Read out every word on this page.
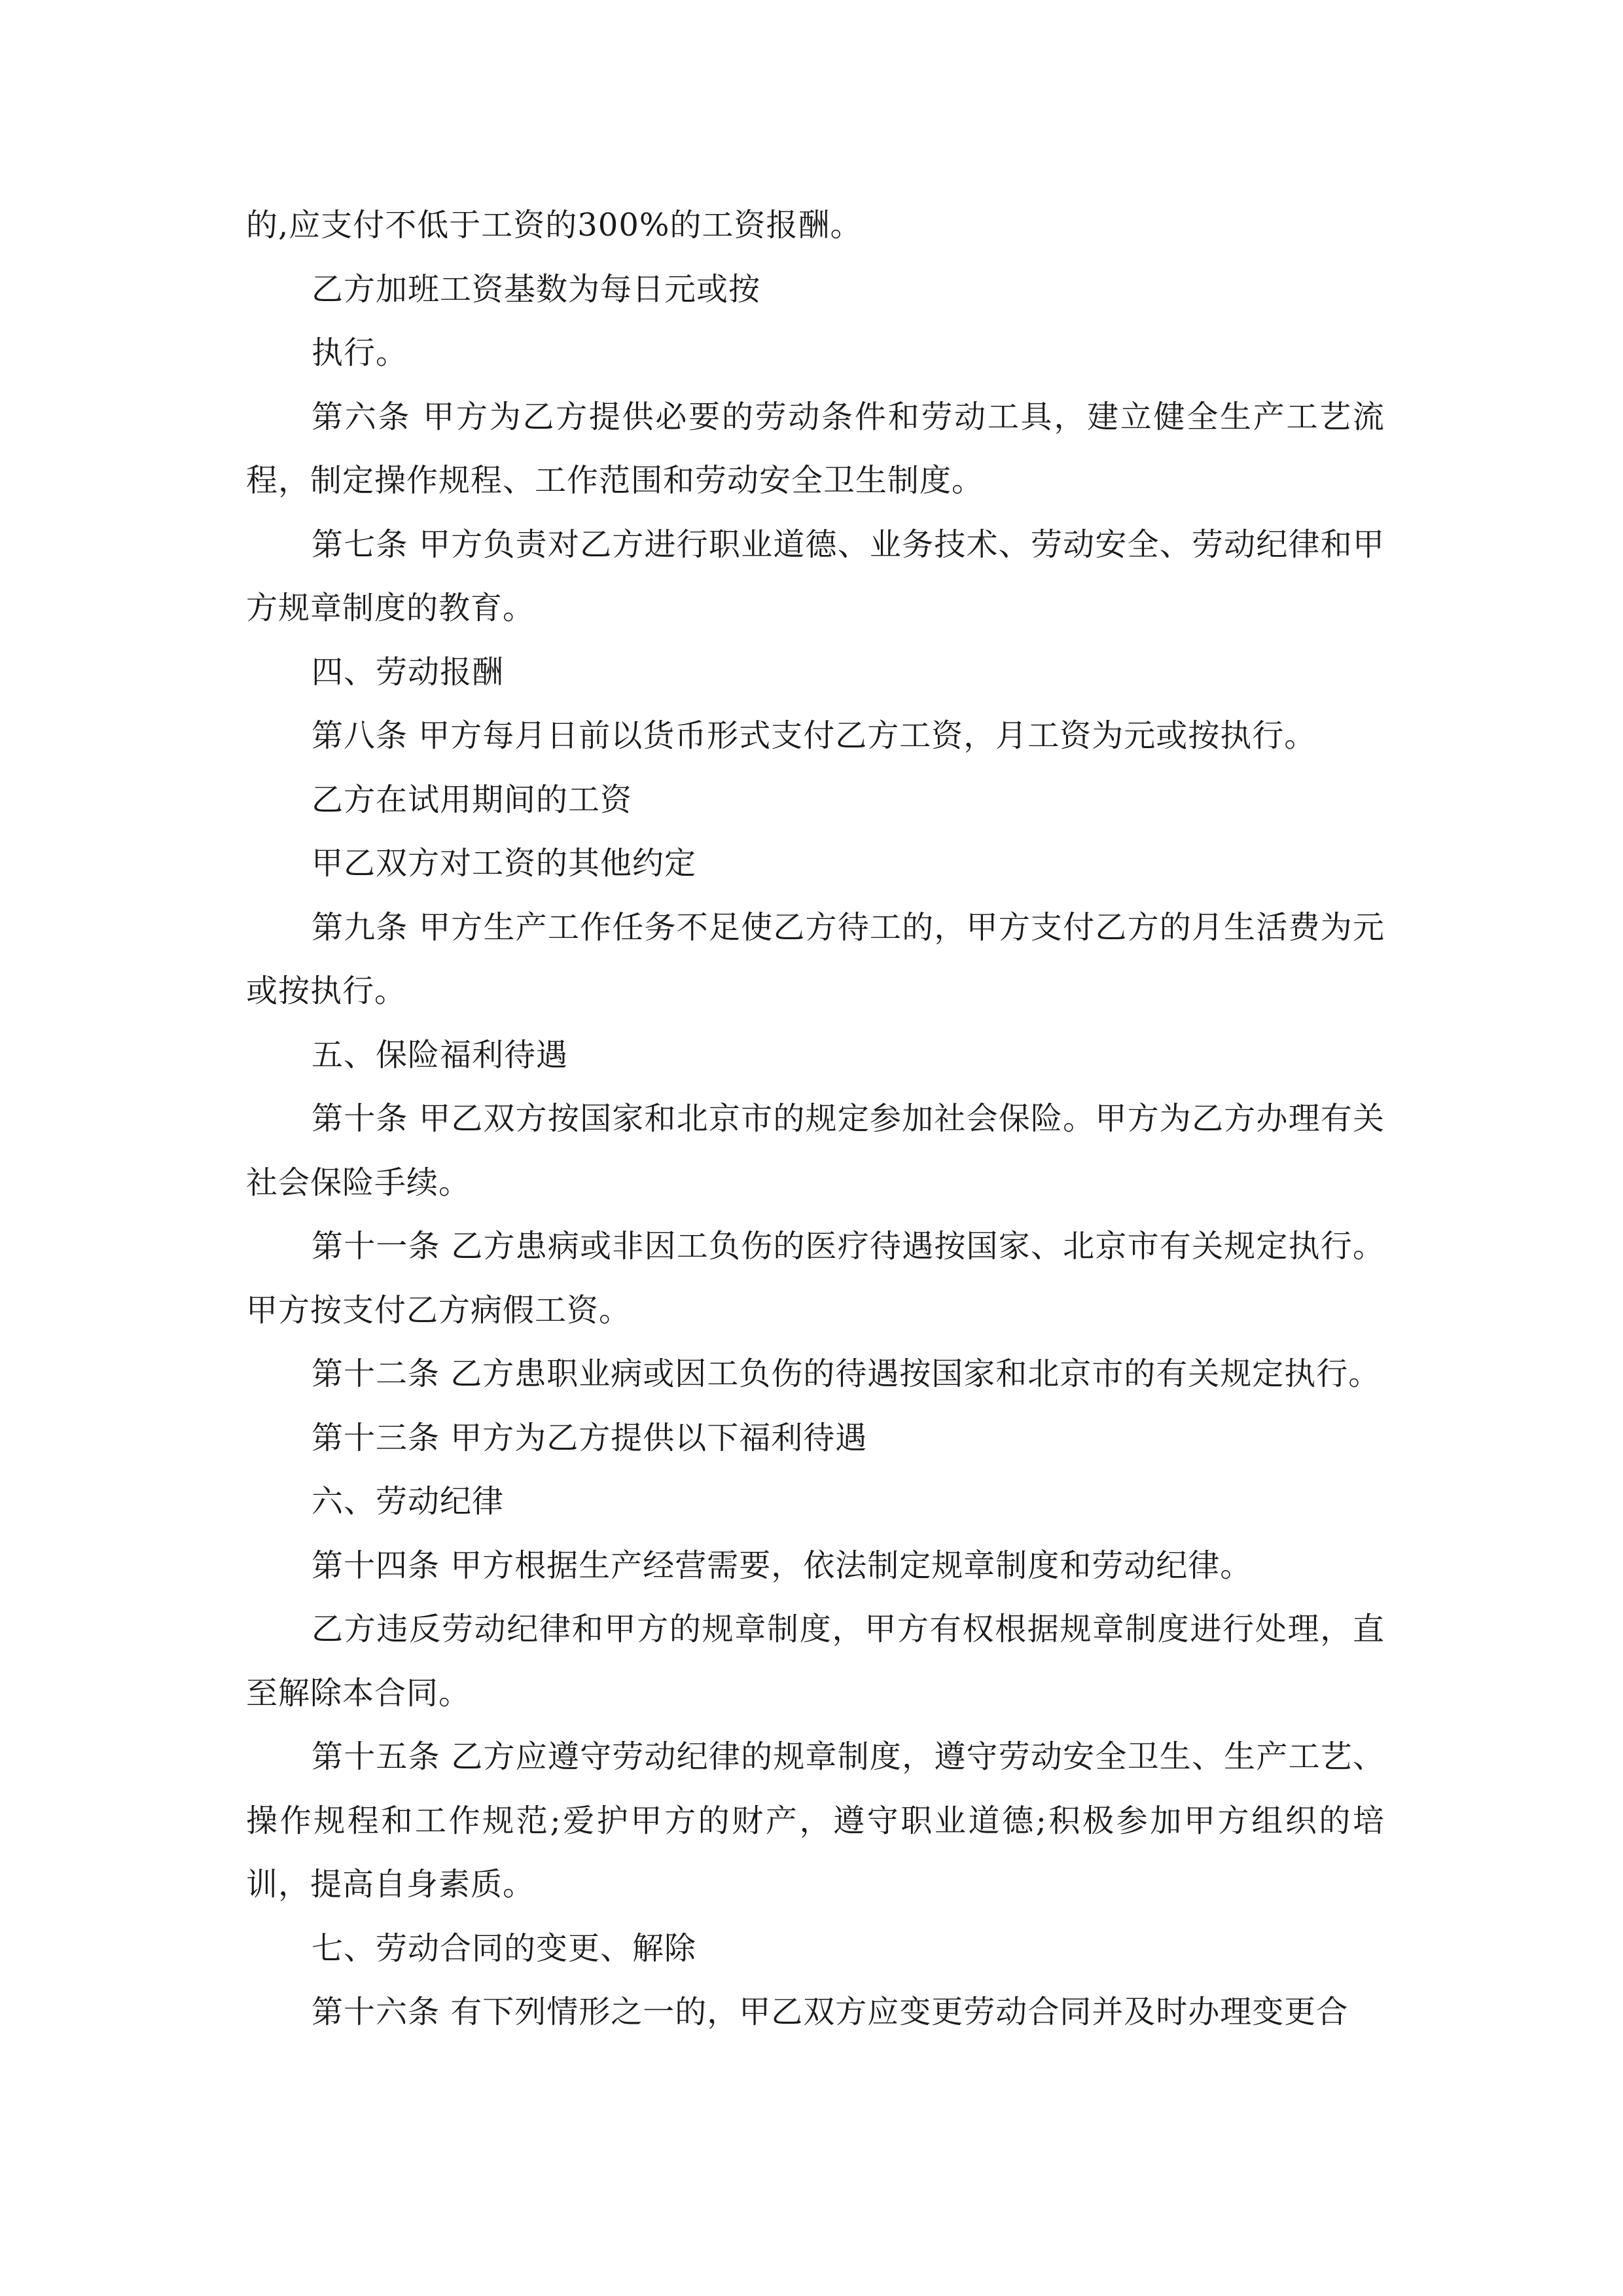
的,应支付不低于工资的300%的工资报酬。

乙方加班工资基数为每日元或按

执行。

第六条 甲方为乙方提供必要的劳动条件和劳动工具，建立健全生产工艺流程，制定操作规程、工作范围和劳动安全卫生制度。

第七条 甲方负责对乙方进行职业道德、业务技术、劳动安全、劳动纪律和甲方规章制度的教育。

四、劳动报酬

第八条 甲方每月日前以货币形式支付乙方工资，月工资为元或按执行。

乙方在试用期间的工资

甲乙双方对工资的其他约定

第九条 甲方生产工作任务不足使乙方待工的，甲方支付乙方的月生活费为元或按执行。

五、保险福利待遇

第十条 甲乙双方按国家和北京市的规定参加社会保险。甲方为乙方办理有关社会保险手续。

第十一条 乙方患病或非因工负伤的医疗待遇按国家、北京市有关规定执行。甲方按支付乙方病假工资。

第十二条 乙方患职业病或因工负伤的待遇按国家和北京市的有关规定执行。

第十三条 甲方为乙方提供以下福利待遇

六、劳动纪律

第十四条 甲方根据生产经营需要，依法制定规章制度和劳动纪律。

乙方违反劳动纪律和甲方的规章制度，甲方有权根据规章制度进行处理，直至解除本合同。

第十五条 乙方应遵守劳动纪律的规章制度，遵守劳动安全卫生、生产工艺、操作规程和工作规范;爱护甲方的财产，遵守职业道德;积极参加甲方组织的培训，提高自身素质。

七、劳动合同的变更、解除

第十六条 有下列情形之一的，甲乙双方应变更劳动合同并及时办理变更合
